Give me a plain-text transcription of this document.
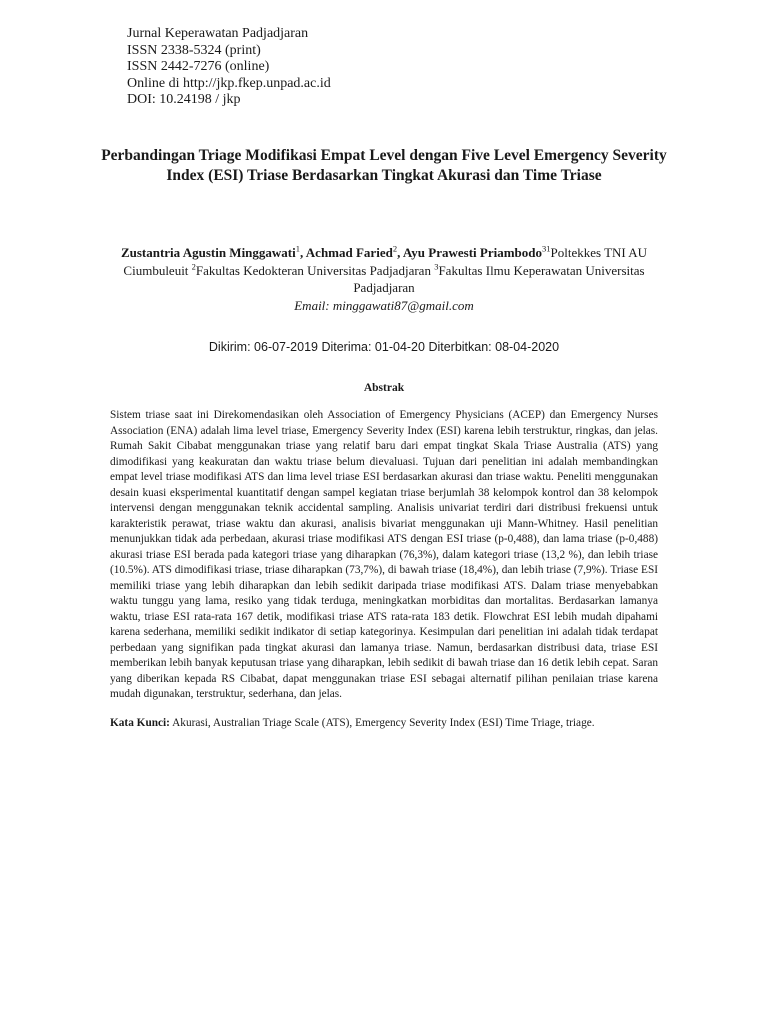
Jurnal Keperawatan Padjadjaran
ISSN 2338-5324 (print)
ISSN 2442-7276 (online)
Online di http://jkp.fkep.unpad.ac.id
DOI: 10.24198 / jkp
Perbandingan Triage Modifikasi Empat Level dengan Five Level Emergency Severity Index (ESI) Triase Berdasarkan Tingkat Akurasi dan Time Triase
Zustantria Agustin Minggawati$^1$, Achmad Faried$^2$, Ayu Prawesti Priambodo$^{31}$Poltekkes TNI AU Ciumbuleuit $^2$Fakultas Kedokteran Universitas Padjadjaran $^3$Fakultas Ilmu Keperawatan Universitas Padjadjaran
Email: minggawati87@gmail.com
Dikirim: 06-07-2019 Diterima: 01-04-20 Diterbitkan: 08-04-2020
Abstrak

Sistem triase saat ini Direkomendasikan oleh Association of Emergency Physicians (ACEP) dan Emergency Nurses Association (ENA) adalah lima level triase, Emergency Severity Index (ESI) karena lebih terstruktur, ringkas, dan jelas. Rumah Sakit Cibabat menggunakan triase yang relatif baru dari empat tingkat Skala Triase Australia (ATS) yang dimodifikasi yang keakuratan dan waktu triase belum dievaluasi. Tujuan dari penelitian ini adalah membandingkan empat level triase modifikasi ATS dan lima level triase ESI berdasarkan akurasi dan triase waktu. Peneliti menggunakan desain kuasi eksperimental kuantitatif dengan sampel kegiatan triase berjumlah 38 kelompok kontrol dan 38 kelompok intervensi dengan menggunakan teknik accidental sampling. Analisis univariat terdiri dari distribusi frekuensi untuk karakteristik perawat, triase waktu dan akurasi, analisis bivariat menggunakan uji Mann-Whitney. Hasil penelitian menunjukkan tidak ada perbedaan, akurasi triase modifikasi ATS dengan ESI triase (p-0,488), dan lama triase (p-0,488) akurasi triase ESI berada pada kategori triase yang diharapkan (76,3%), dalam kategori triase (13,2 %), dan lebih triase (10.5%). ATS dimodifikasi triase, triase diharapkan (73,7%), di bawah triase (18,4%), dan lebih triase (7,9%). Triase ESI memiliki triase yang lebih diharapkan dan lebih sedikit daripada triase modifikasi ATS. Dalam triase menyebabkan waktu tunggu yang lama, resiko yang tidak terduga, meningkatkan morbiditas dan mortalitas. Berdasarkan lamanya waktu, triase ESI rata-rata 167 detik, modifikasi triase ATS rata-rata 183 detik. Flowchrat ESI lebih mudah dipahami karena sederhana, memiliki sedikit indikator di setiap kategorinya. Kesimpulan dari penelitian ini adalah tidak terdapat perbedaan yang signifikan pada tingkat akurasi dan lamanya triase. Namun, berdasarkan distribusi data, triase ESI memberikan lebih banyak keputusan triase yang diharapkan, lebih sedikit di bawah triase dan 16 detik lebih cepat. Saran yang diberikan kepada RS Cibabat, dapat menggunakan triase ESI sebagai alternatif pilihan penilaian triase karena mudah digunakan, terstruktur, sederhana, dan jelas.

Kata Kunci: Akurasi, Australian Triage Scale (ATS), Emergency Severity Index (ESI) Time Triage, triage.
